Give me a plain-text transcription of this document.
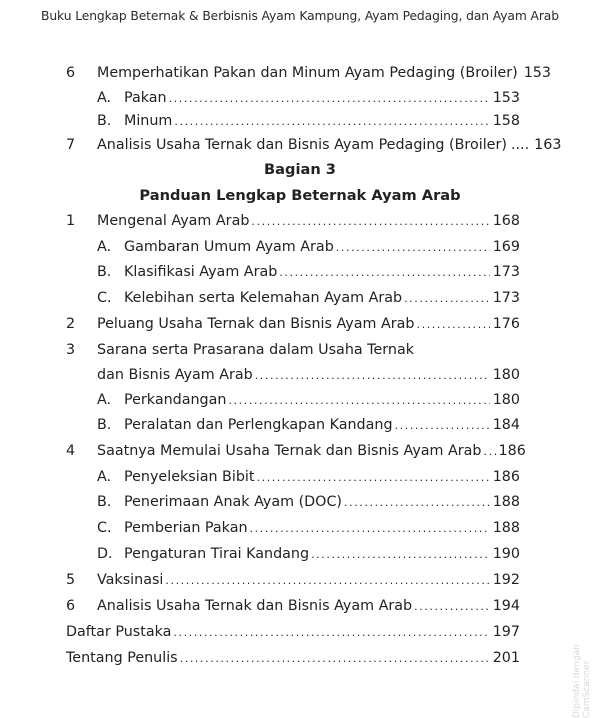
Buku Lengkap Beternak & Berbisnis Ayam Kampung, Ayam Pedaging, dan Ayam Arab
6 Memperhatikan Pakan dan Minum Ayam Pedaging (Broiler) 153
A. Pakan .....	153
B. Minum .....	158
7 Analisis Usaha Ternak dan Bisnis Ayam Pedaging (Broiler) .... 163
Bagian 3
Panduan Lengkap Beternak Ayam Arab
1 Mengenal Ayam Arab .....	168
A. Gambaran Umum Ayam Arab .....	169
B. Klasifikasi Ayam Arab .....	173
C. Kelebihan serta Kelemahan Ayam Arab .....	173
2 Peluang Usaha Ternak dan Bisnis Ayam Arab .....	176
3 Sarana serta Prasarana dalam Usaha Ternak
dan Bisnis Ayam Arab .....	180
A. Perkandangan .....	180
B. Peralatan dan Perlengkapan Kandang .....	184
4 Saatnya Memulai Usaha Ternak dan Bisnis Ayam Arab ..... 186
A. Penyeleksian Bibit .....	186
B. Penerimaan Anak Ayam (DOC) .....	188
C. Pemberian Pakan .....	188
D. Pengaturan Tirai Kandang .....	190
5 Vaksinasi .....	192
6 Analisis Usaha Ternak dan Bisnis Ayam Arab .....	194
Daftar Pustaka .....	197
Tentang Penulis .....	201	Dipindai dengan CamScanner
